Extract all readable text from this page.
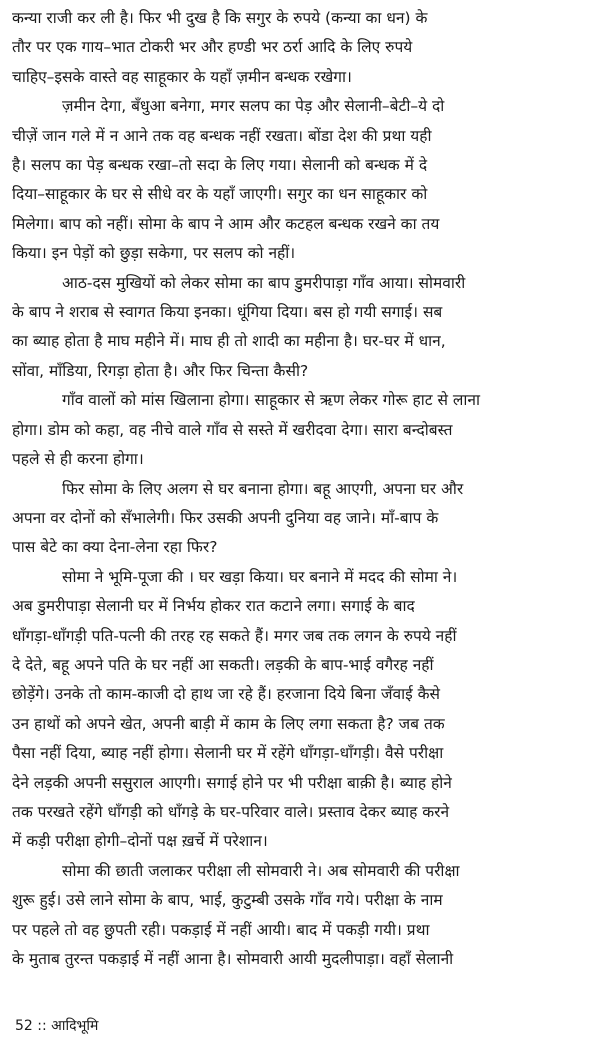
कन्या राजी कर ली है। फिर भी दुख है कि सगुर के रुपये (कन्या का धन) के
तौर पर एक गाय–भात टोकरी भर और हण्डी भर ठर्रा आदि के लिए रुपये
चाहिए–इसके वास्ते वह साहूकार के यहाँ ज़मीन बन्धक रखेगा।

ज़मीन देगा, बँधुआ बनेगा, मगर सलप का पेड़ और सेलानी–बेटी–ये दो
चीज़ें जान गले में न आने तक वह बन्धक नहीं रखता। बोंडा देश की प्रथा यही
है। सलप का पेड़ बन्धक रखा–तो सदा के लिए गया। सेलानी को बन्धक में दे
दिया–साहूकार के घर से सीधे वर के यहाँ जाएगी। सगुर का धन साहूकार को
मिलेगा। बाप को नहीं। सोमा के बाप ने आम और कटहल बन्धक रखने का तय
किया। इन पेड़ों को छुड़ा सकेगा, पर सलप को नहीं।

आठ-दस मुखियों को लेकर सोमा का बाप डुमरीपाड़ा गाँव आया। सोमवारी
के बाप ने शराब से स्वागत किया इनका। धूंगिया दिया। बस हो गयी सगाई। सब
का ब्याह होता है माघ महीने में। माघ ही तो शादी का महीना है। घर-घर में धान,
सोंवा, माँडिया, रिगड़ा होता है। और फिर चिन्ता कैसी?

गाँव वालों को मांस खिलाना होगा। साहूकार से ऋण लेकर गोरू हाट से लाना
होगा। डोम को कहा, वह नीचे वाले गाँव से सस्ते में खरीदवा देगा। सारा बन्दोबस्त
पहले से ही करना होगा।

फिर सोमा के लिए अलग से घर बनाना होगा। बहू आएगी, अपना घर और
अपना वर दोनों को सँभालेगी। फिर उसकी अपनी दुनिया वह जाने। माँ-बाप के
पास बेटे का क्या देना-लेना रहा फिर?

सोमा ने भूमि-पूजा की । घर खड़ा किया। घर बनाने में मदद की सोमा ने।
अब डुमरीपाड़ा सेलानी घर में निर्भय होकर रात कटाने लगा। सगाई के बाद
धाँगड़ा-धाँगड़ी पति-पत्नी की तरह रह सकते हैं। मगर जब तक लगन के रुपये नहीं
दे देते, बहू अपने पति के घर नहीं आ सकती। लड़की के बाप-भाई वगैरह नहीं
छोड़ेंगे। उनके तो काम-काजी दो हाथ जा रहे हैं। हरजाना दिये बिना जँवाई कैसे
उन हाथों को अपने खेत, अपनी बाड़ी में काम के लिए लगा सकता है? जब तक
पैसा नहीं दिया, ब्याह नहीं होगा। सेलानी घर में रहेंगे धाँगड़ा-धाँगड़ी। वैसे परीक्षा
देने लड़की अपनी ससुराल आएगी। सगाई होने पर भी परीक्षा बाक़ी है। ब्याह होने
तक परखते रहेंगे धाँगड़ी को धाँगड़े के घर-परिवार वाले। प्रस्ताव देकर ब्याह करने
में कड़ी परीक्षा होगी–दोनों पक्ष ख़र्चे में परेशान।

सोमा की छाती जलाकर परीक्षा ली सोमवारी ने। अब सोमवारी की परीक्षा
शुरू हुई। उसे लाने सोमा के बाप, भाई, कुटुम्बी उसके गाँव गये। परीक्षा के नाम
पर पहले तो वह छुपती रही। पकड़ाई में नहीं आयी। बाद में पकड़ी गयी। प्रथा
के मुताब तुरन्त पकड़ाई में नहीं आना है। सोमवारी आयी मुदलीपाड़ा। वहाँ सेलानी

52 :: आदिभूमि
